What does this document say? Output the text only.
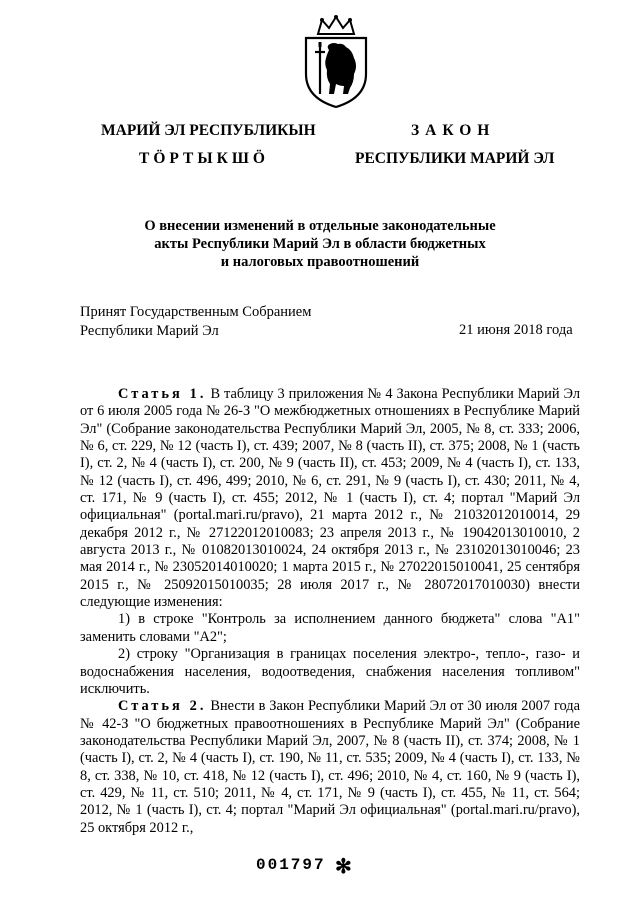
МАРИЙ ЭЛ РЕСПУБЛИКЫН
ТӦРТЫКШӦ
ЗАКОН
РЕСПУБЛИКИ МАРИЙ ЭЛ
О внесении изменений в отдельные законодательные
акты Республики Марий Эл в области бюджетных
и налоговых правоотношений
Принят Государственным Собранием
Республики Марий Эл	21 июня 2018 года

Статья 1. В таблицу 3 приложения № 4 Закона Республики Марий Эл от 6 июля 2005 года № 26-З "О межбюджетных отношениях в Республике Марий Эл" (Собрание законодательства Республики Марий Эл, 2005, № 8, ст. 333; 2006, № 6, ст. 229, № 12 (часть I), ст. 439; 2007, № 8 (часть II), ст. 375; 2008, № 1 (часть I), ст. 2, № 4 (часть I), ст. 200, № 9 (часть II), ст. 453; 2009, № 4 (часть I), ст. 133, № 12 (часть I), ст. 496, 499; 2010, № 6, ст. 291, № 9 (часть I), ст. 430; 2011, № 4, ст. 171, № 9 (часть I), ст. 455; 2012, № 1 (часть I), ст. 4; портал "Марий Эл официальная" (portal.mari.ru/pravo), 21 марта 2012 г., № 21032012010014, 29 декабря 2012 г., № 27122012010083; 23 апреля 2013 г., № 19042013010010, 2 августа 2013 г., № 01082013010024, 24 октября 2013 г., № 23102013010046; 23 мая 2014 г., № 23052014010020; 1 марта 2015 г., № 27022015010041, 25 сентября 2015 г., № 25092015010035; 28 июля 2017 г., № 28072017010030) внести следующие изменения:

1) в строке "Контроль за исполнением данного бюджета" слова "А1" заменить словами "А2";

2) строку "Организация в границах поселения электро-, тепло-, газо- и водоснабжения населения, водоотведения, снабжения населения топливом" исключить.

Статья 2. Внести в Закон Республики Марий Эл от 30 июля 2007 года № 42-З "О бюджетных правоотношениях в Республике Марий Эл" (Собрание законодательства Республики Марий Эл, 2007, № 8 (часть II), ст. 374; 2008, № 1 (часть I), ст. 2, № 4 (часть I), ст. 190, № 11, ст. 535; 2009, № 4 (часть I), ст. 133, № 8, ст. 338, № 10, ст. 418, № 12 (часть I), ст. 496; 2010, № 4, ст. 160, № 9 (часть I), ст. 429, № 11, ст. 510; 2011, № 4, ст. 171, № 9 (часть I), ст. 455, № 11, ст. 564; 2012, № 1 (часть I), ст. 4; портал "Марий Эл официальная" (portal.mari.ru/pravo), 25 октября 2012 г.,

001797 ✻
